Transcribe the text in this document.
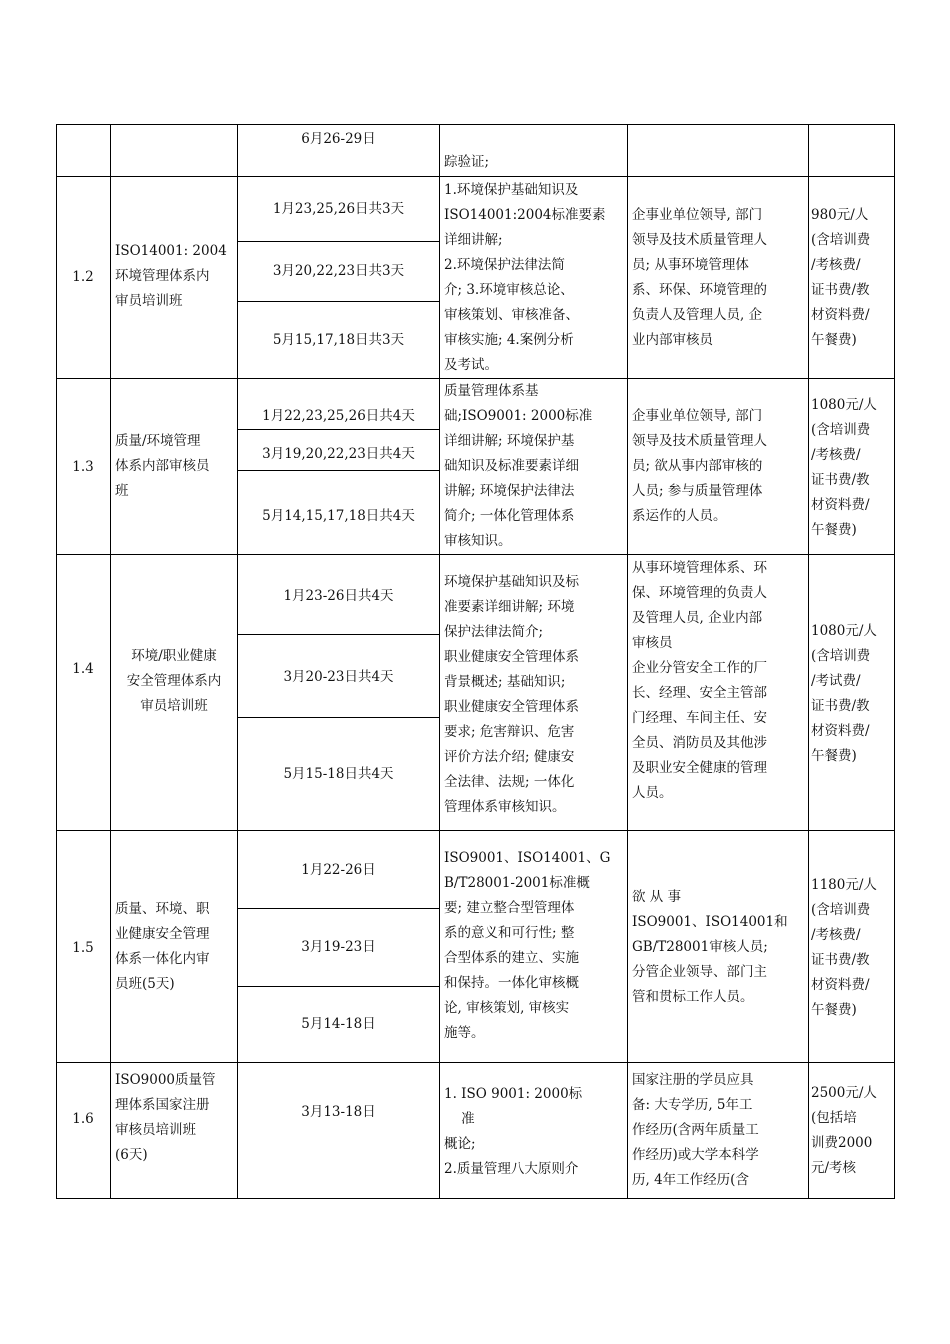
6月26-29日
踪验证;
1.2
ISO14001: 2004
环境管理体系内
审员培训班
1月23,25,26日共3天
3月20,22,23日共3天
5月15,17,18日共3天
1.环境保护基础知识及
ISO14001:2004标准要素
详细讲解;
2.环境保护法律法简
介; 3.环境审核总论、
审核策划、审核准备、
审核实施; 4.案例分析
及考试。
企事业单位领导, 部门
领导及技术质量管理人
员; 从事环境管理体
系、环保、环境管理的
负责人及管理人员, 企
业内部审核员
980元/人
(含培训费
/考核费/
证书费/教
材资料费/
午餐费)
1.3
质量/环境管理
体系内部审核员
班
1月22,23,25,26日共4天
3月19,20,22,23日共4天
5月14,15,17,18日共4天
质量管理体系基
础;ISO9001: 2000标准
详细讲解; 环境保护基
础知识及标准要素详细
讲解; 环境保护法律法
简介; 一体化管理体系
审核知识。
企事业单位领导, 部门
领导及技术质量管理人
员; 欲从事内部审核的
人员; 参与质量管理体
系运作的人员。
1080元/人
(含培训费
/考核费/
证书费/教
材资料费/
午餐费)
1.4
环境/职业健康
安全管理体系内
审员培训班
1月23-26日共4天
3月20-23日共4天
5月15-18日共4天
环境保护基础知识及标
准要素详细讲解; 环境
保护法律法简介;
职业健康安全管理体系
背景概述; 基础知识;
职业健康安全管理体系
要求; 危害辩识、危害
评价方法介绍; 健康安
全法律、法规; 一体化
管理体系审核知识。
从事环境管理体系、环
保、环境管理的负责人
及管理人员, 企业内部
审核员
企业分管安全工作的厂
长、经理、安全主管部
门经理、车间主任、安
全员、消防员及其他涉
及职业安全健康的管理
人员。
1080元/人
(含培训费
/考试费/
证书费/教
材资料费/
午餐费)
1.5
质量、环境、职
业健康安全管理
体系一体化内审
员班(5天)
1月22-26日
3月19-23日
5月14-18日
ISO9001、ISO14001、G
B/T28001-2001标准概
要; 建立整合型管理体
系的意义和可行性; 整
合型体系的建立、实施
和保持。一体化审核概
论, 审核策划, 审核实
施等。
欲 从 事
ISO9001、ISO14001和
GB/T28001审核人员;
分管企业领导、部门主
管和贯标工作人员。
1180元/人
(含培训费
/考核费/
证书费/教
材资料费/
午餐费)
1.6
ISO9000质量管
理体系国家注册
审核员培训班
(6天)
3月13-18日
1. ISO 9001: 2000标
准
概论;
2.质量管理八大原则介
国家注册的学员应具
备: 大专学历, 5年工
作经历(含两年质量工
作经历)或大学本科学
历, 4年工作经历(含
2500元/人
(包括培
训费2000
元/考核
